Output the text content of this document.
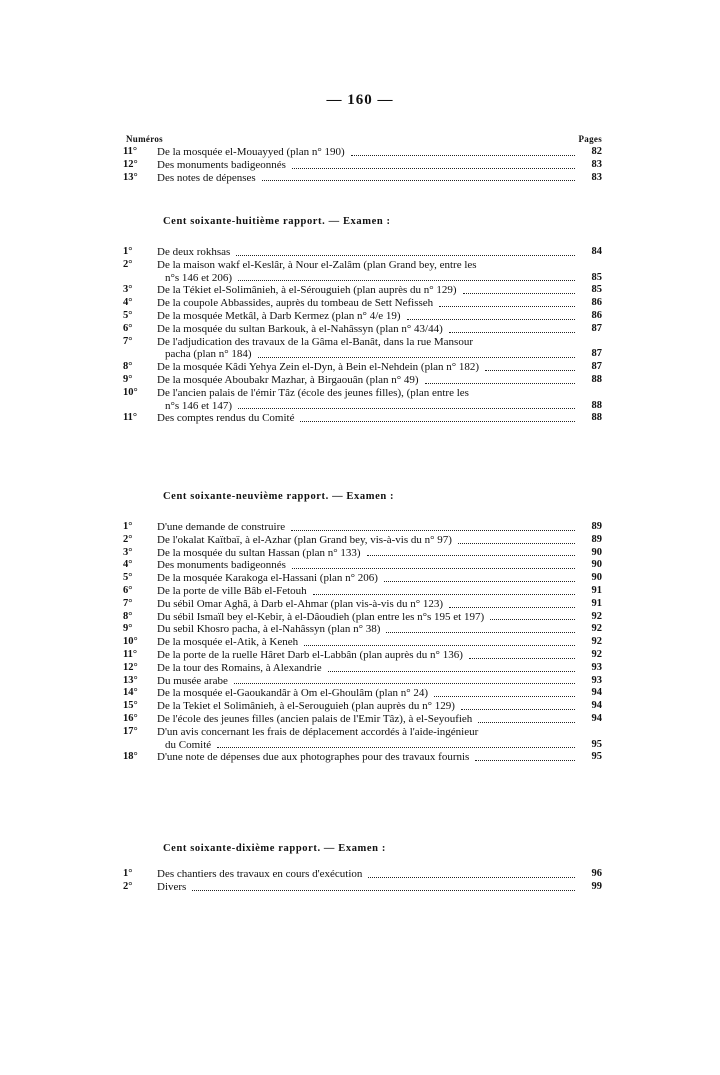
— 160 —
Numéros	Pages
11°	De la mosquée el-Mouayyed (plan n° 190)	82
12°	Des monuments badigeonnés	83
13°	Des notes de dépenses	83
Cent soixante-huitième rapport. — Examen :
1°	De deux rokhsas	84
2°	De la maison wakf el-Keslâr, à Nour el-Zalâm (plan Grand bey, entre les
n°s 146 et 206)	85
3°	De la Tékiet el-Solimânieh, à el-Sérouguieh (plan auprès du n° 129)	85
4°	De la coupole Abbassides, auprès du tombeau de Sett Nefisseh	86
5°	De la mosquée Metkâl, à Darb Kermez (plan n° 4/e 19)	86
6°	De la mosquée du sultan Barkouk, à el-Nahâssyn (plan n° 43/44)	87
7°	De l'adjudication des travaux de la Gâma el-Banât, dans la rue Mansour
pacha (plan n° 184)	87
8°	De la mosquée Kâdi Yehya Zein el-Dyn, à Bein el-Nehdein (plan n° 182)	87
9°	De la mosquée Aboubakr Mazhar, à Birgaouân (plan n° 49)	88
10°	De l'ancien palais de l'émir Tâz (école des jeunes filles), (plan entre les
n°s 146 et 147)	88
11°	Des comptes rendus du Comité	88
Cent soixante-neuvième rapport. — Examen :
1°	D'une demande de construire	89
2°	De l'okalat Kaïtbaï, à el-Azhar (plan Grand bey, vis-à-vis du n° 97)	89
3°	De la mosquée du sultan Hassan (plan n° 133)	90
4°	Des monuments badigeonnés	90
5°	De la mosquée Karakoga el-Hassani (plan n° 206)	90
6°	De la porte de ville Bâb el-Fetouh	91
7°	Du sébil Omar Aghâ, à Darb el-Ahmar (plan vis-à-vis du n° 123)	91
8°	Du sébil Ismaïl bey el-Kebir, à el-Dâoudieh (plan entre les n°s 195 et 197)	92
9°	Du sebil Khosro pacha, à el-Nahâssyn (plan n° 38)	92
10°	De la mosquée el-Atik, à Keneh	92
11°	De la porte de la ruelle Hâret Darb el-Labbân (plan auprès du n° 136)	92
12°	De la tour des Romains, à Alexandrie	93
13°	Du musée arabe	93
14°	De la mosquée el-Gaoukandâr à Om el-Ghoulâm (plan n° 24)	94
15°	De la Tekiet el Solimânieh, à el-Serouguieh (plan auprès du n° 129)	94
16°	De l'école des jeunes filles (ancien palais de l'Emir Tâz), à el-Seyoufieh	94
17°	D'un avis concernant les frais de déplacement accordés à l'aide-ingénieur
du Comité	95
18°	D'une note de dépenses due aux photographes pour des travaux fournis	95
Cent soixante-dixième rapport. — Examen :
1°	Des chantiers des travaux en cours d'exécution	96
2°	Divers	99
